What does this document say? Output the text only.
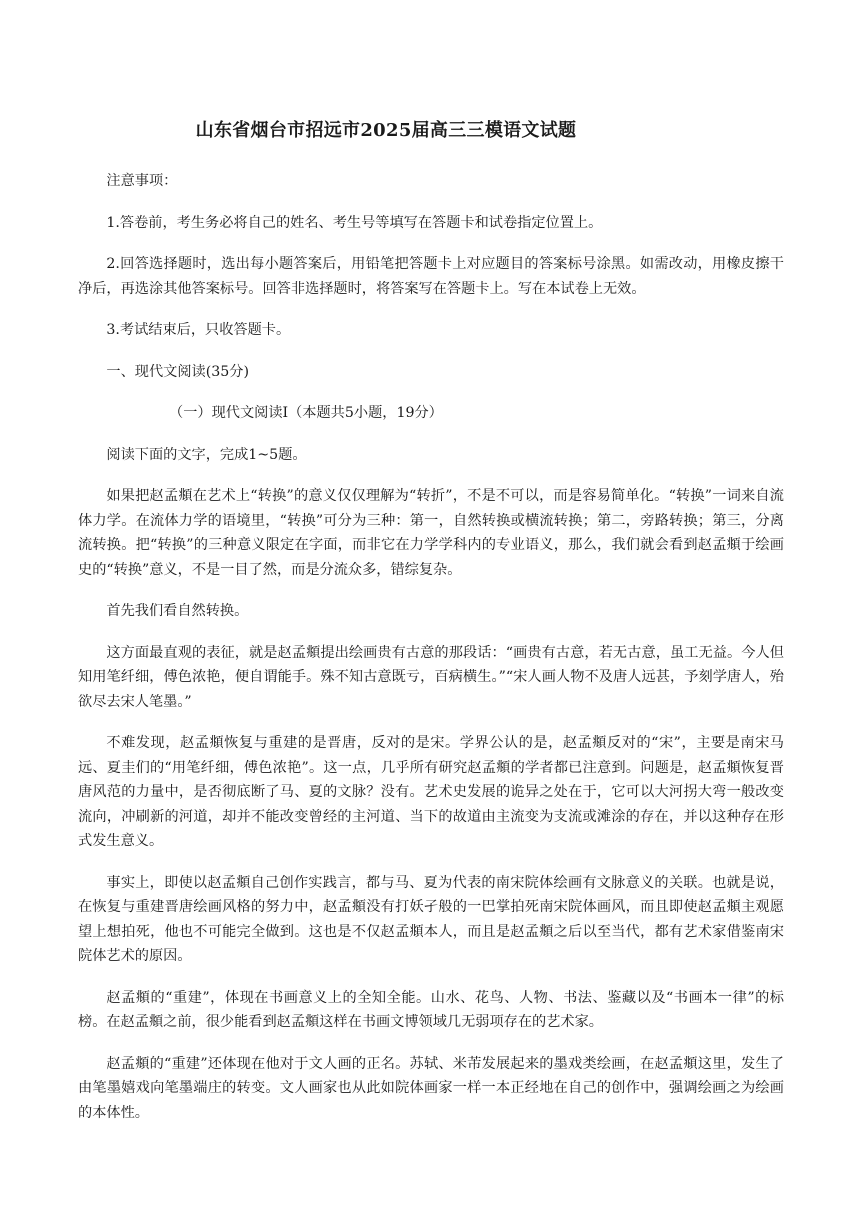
山东省烟台市招远市2025届高三三模语文试题

注意事项：

1.答卷前，考生务必将自己的姓名、考生号等填写在答题卡和试卷指定位置上。

2.回答选择题时，选出每小题答案后，用铅笔把答题卡上对应题目的答案标号涂黑。如需改动，用橡皮擦干净后，再选涂其他答案标号。回答非选择题时，将答案写在答题卡上。写在本试卷上无效。

3.考试结束后，只收答题卡。

一、现代文阅读(35分)

（一）现代文阅读Ⅰ（本题共5小题，19分）

阅读下面的文字，完成1~5题。

如果把赵孟頫在艺术上“转换”的意义仅仅理解为“转折”，不是不可以，而是容易简单化。“转换”一词来自流体力学。在流体力学的语境里，“转换”可分为三种：第一，自然转换或横流转换；第二，旁路转换；第三，分离流转换。把“转换”的三种意义限定在字面，而非它在力学学科内的专业语义，那么，我们就会看到赵孟頫于绘画史的“转换”意义，不是一目了然，而是分流众多，错综复杂。

首先我们看自然转换。

这方面最直观的表征，就是赵孟頫提出绘画贵有古意的那段话：“画贵有古意，若无古意，虽工无益。今人但知用笔纤细，傅色浓艳，便自谓能手。殊不知古意既亏，百病横生。”“宋人画人物不及唐人远甚，予刻学唐人，殆欲尽去宋人笔墨。”

不难发现，赵孟頫恢复与重建的是晋唐，反对的是宋。学界公认的是，赵孟頫反对的“宋”，主要是南宋马远、夏圭们的“用笔纤细，傅色浓艳”。这一点，几乎所有研究赵孟頫的学者都已注意到。问题是，赵孟頫恢复晋唐风范的力量中，是否彻底断了马、夏的文脉？没有。艺术史发展的诡异之处在于，它可以大河拐大弯一般改变流向，冲刷新的河道，却并不能改变曾经的主河道、当下的故道由主流变为支流或滩涂的存在，并以这种存在形式发生意义。

事实上，即使以赵孟頫自己创作实践言，都与马、夏为代表的南宋院体绘画有文脉意义的关联。也就是说，在恢复与重建晋唐绘画风格的努力中，赵孟頫没有打妖孑般的一巴掌拍死南宋院体画风，而且即使赵孟頫主观愿望上想拍死，他也不可能完全做到。这也是不仅赵孟頫本人，而且是赵孟頫之后以至当代，都有艺术家借鉴南宋院体艺术的原因。

赵孟頫的“重建”，体现在书画意义上的全知全能。山水、花鸟、人物、书法、鉴藏以及“书画本一律”的标榜。在赵孟頫之前，很少能看到赵孟頫这样在书画文博领域几无弱项存在的艺术家。

赵孟頫的“重建”还体现在他对于文人画的正名。苏轼、米芾发展起来的墨戏类绘画，在赵孟頫这里，发生了由笔墨嬉戏向笔墨端庄的转变。文人画家也从此如院体画家一样一本正经地在自己的创作中，强调绘画之为绘画的本体性。
